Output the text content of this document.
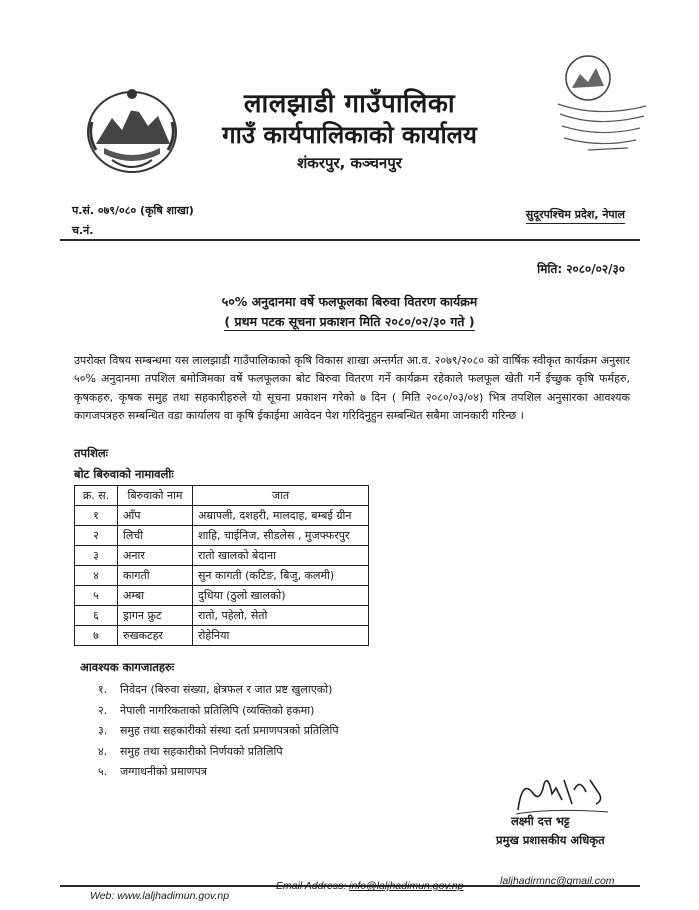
लालझाडी गाउँपालिका
गाउँ कार्यपालिकाको कार्यालय
शंकरपुर, कञ्चनपुर
प.सं. ०७९/०८० (कृषि शाखा)
च.नं.
सुदूरपश्चिम प्रदेश, नेपाल
मिति: २०८०/०२/३०
५०% अनुदानमा वर्षे फलफूलका बिरुवा वितरण कार्यक्रम
( प्रथम पटक सूचना प्रकाशन मिति २०८०/०२/३० गते )
उपरोक्त विषय सम्बन्धमा यस लालझाडी गाउँपालिकाको कृषि विकास शाखा अन्तर्गत आ.व. २०७९/२०८० को वार्षिक स्वीकृत कार्यक्रम अनुसार ५०% अनुदानमा तपशिल बमोजिमका वर्षे फलफूलका बोट बिरुवा वितरण गर्ने कार्यक्रम रहेकाले फलफूल खेती गर्ने ईच्छुक कृषि फर्महरु, कृषकहरु, कृषक समुह तथा सहकारीहरुले यो सूचना प्रकाशन गरेको ७ दिन ( मिति २०८०/०३/०४) भित्र तपशिल अनुसारका आवश्यक कागजपत्रहरु सम्बन्धित वडा कार्यालय वा कृषि ईकाईमा आवेदन पेश गरिदिनुहुन सम्बन्धित सबैमा जानकारी गरिन्छ ।
तपशिलः
बोट बिरुवाको नामावलीः
क्र. स.	बिरुवाको नाम	जात
१	आँप	अम्रापली, दशहरी, मालदाह, बम्बई ग्रीन
२	लिची	शाहि, चाईनिज, सीडलेस , मुजफ्फरपुर
३	अनार	रातो खालको बेदाना
४	कागती	सुन कागती (कटिङ, बिजु, कलमी)
५	अम्बा	दुधिया (ठुलो खालको)
६	ड्रागन फ्रुट	रातो, पहेलो, सेतो
७	रुखकटहर	रोहेनिया
आवश्यक कागजातहरुः
१. निवेदन (बिरुवा संख्या, क्षेत्रफल र जात प्रष्ट खुलाएको)
२. नेपाली नागरिकताको प्रतिलिपि (व्यक्तिको हकमा)
३. समुह तथा सहकारीको संस्था दर्ता प्रमाणपत्रको प्रतिलिपि
४. समुह तथा सहकारीको निर्णयको प्रतिलिपि
५. जग्गाधनीको प्रमाणपत्र
लक्ष्मी दत्त भट्ट
प्रमुख प्रशासकीय अधिकृत
Web: www.laljhadimun.gov.np
Email Address: info@laljhadimun.gov.np	laljhadirmnc@gmail.com
